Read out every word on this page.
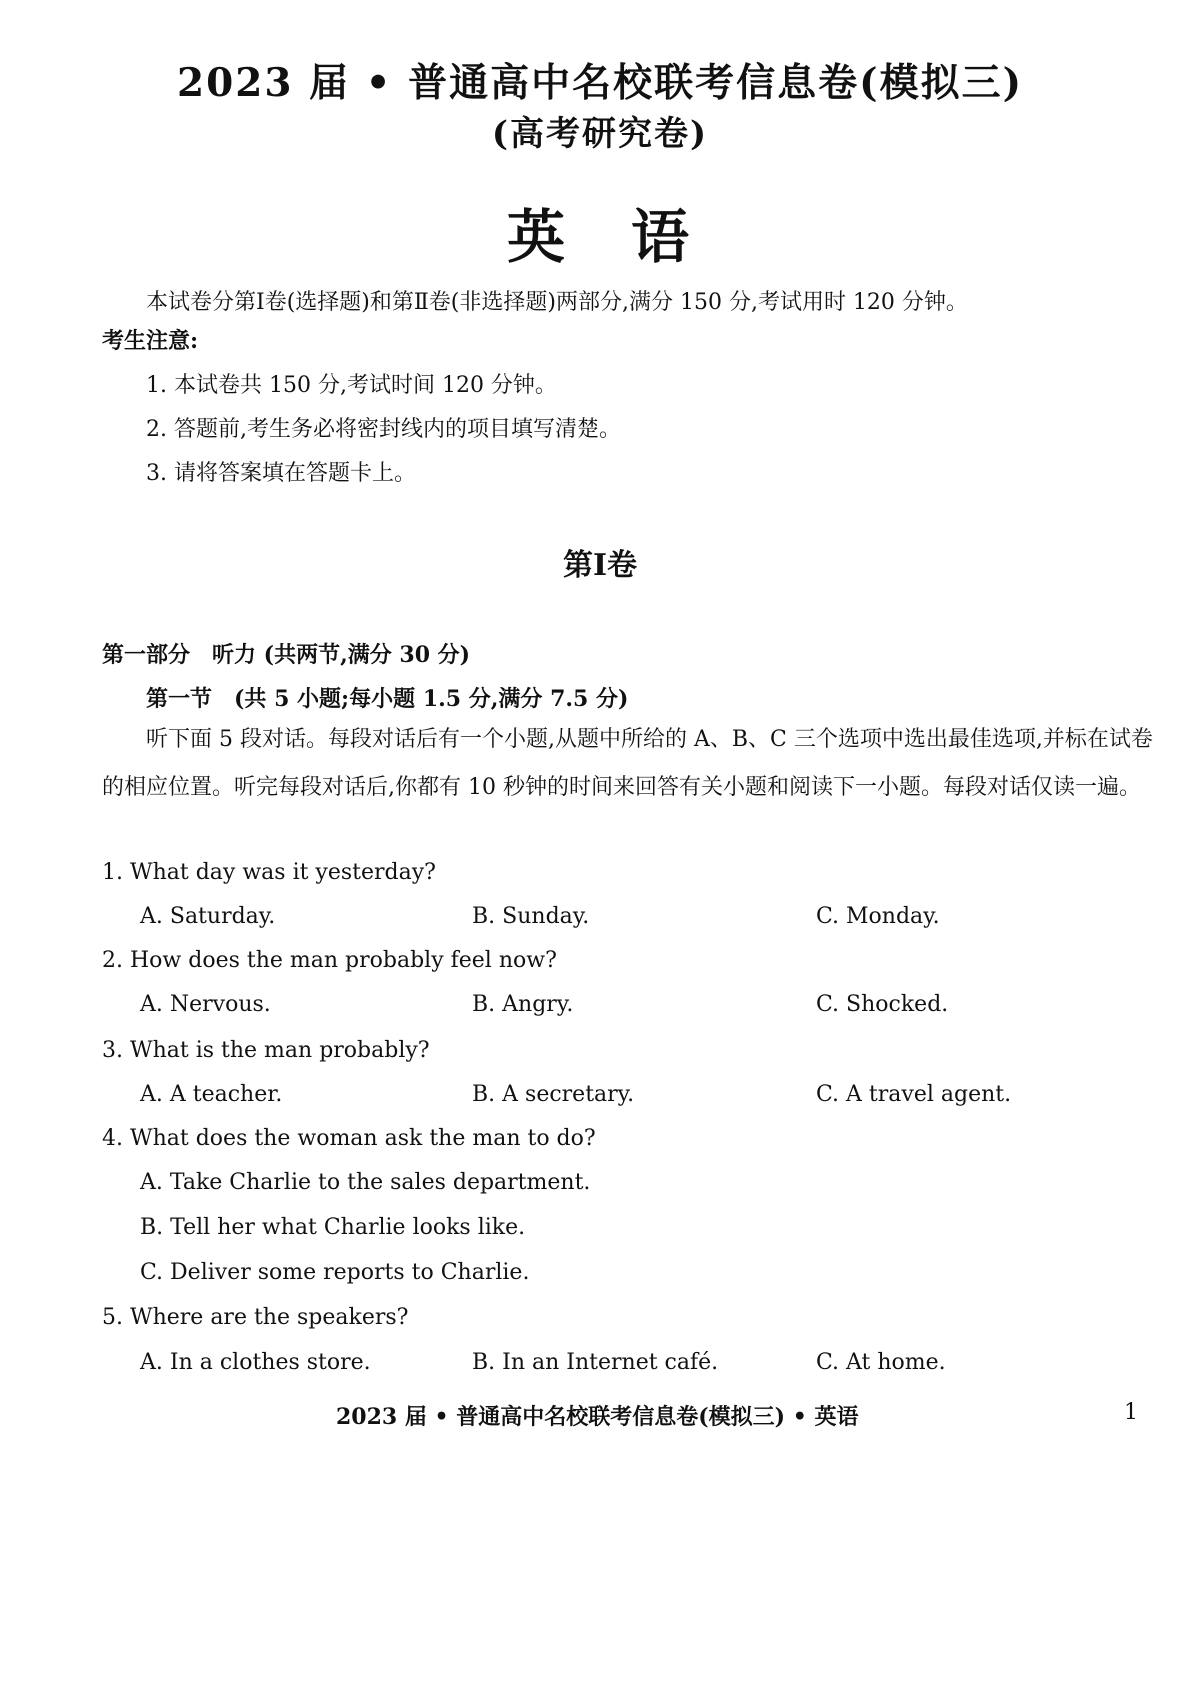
2023 届 • 普通高中名校联考信息卷(模拟三)
(高考研究卷)
英　语
本试卷分第Ⅰ卷(选择题)和第Ⅱ卷(非选择题)两部分,满分 150 分,考试用时 120 分钟。
考生注意:
1. 本试卷共 150 分,考试时间 120 分钟。
2. 答题前,考生务必将密封线内的项目填写清楚。
3. 请将答案填在答题卡上。
第Ⅰ卷
第一部分　听力 (共两节,满分 30 分)
第一节　(共 5 小题;每小题 1.5 分,满分 7.5 分)
听下面 5 段对话。每段对话后有一个小题,从题中所给的 A、B、C 三个选项中选出最佳选项,并标在试卷的相应位置。听完每段对话后,你都有 10 秒钟的时间来回答有关小题和阅读下一小题。每段对话仅读一遍。
1. What day was it yesterday?
A. Saturday.	B. Sunday.	C. Monday.
2. How does the man probably feel now?
A. Nervous.	B. Angry.	C. Shocked.
3. What is the man probably?
A. A teacher.	B. A secretary.	C. A travel agent.
4. What does the woman ask the man to do?
A. Take Charlie to the sales department.
B. Tell her what Charlie looks like.
C. Deliver some reports to Charlie.
5. Where are the speakers?
A. In a clothes store.	B. In an Internet café.	C. At home.
2023 届 • 普通高中名校联考信息卷(模拟三) • 英语	1
